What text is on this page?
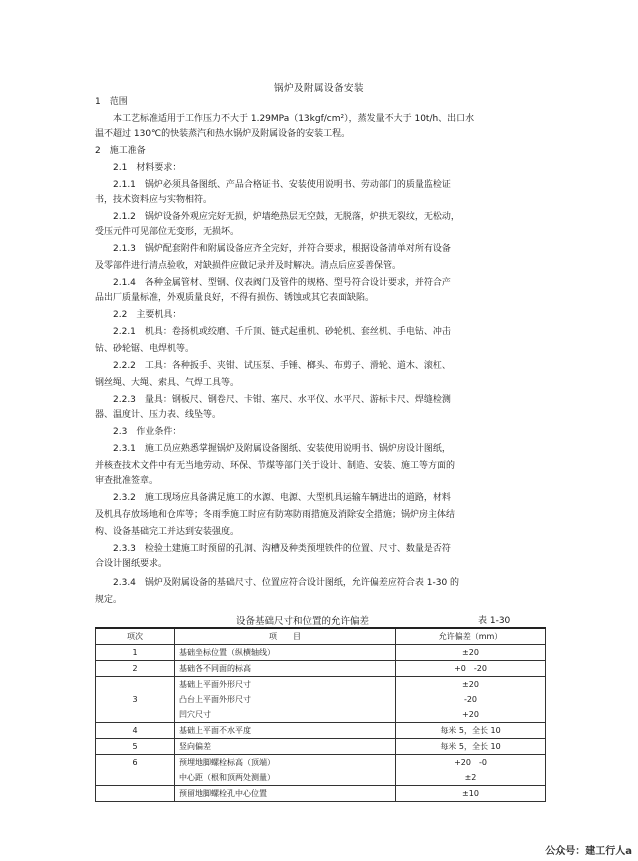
锅炉及附属设备安装
1　范围
　　本工艺标准适用于工作压力不大于 1.29MPa（13kgf/cm²），蒸发量不大于 10t/h、出口水
温不超过 130℃的快装蒸汽和热水锅炉及附属设备的安装工程。
2　施工准备
　　2.1　材料要求：
　　2.1.1　锅炉必须具备图纸、产品合格证书、安装使用说明书、劳动部门的质量监检证
书，技术资料应与实物相符。
　　2.1.2　锅炉设备外观应完好无损，炉墙绝热层无空鼓，无脱落，炉拱无裂纹，无松动，
受压元件可见部位无变形，无损坏。
　　2.1.3　锅炉配套附件和附属设备应齐全完好，并符合要求，根据设备清单对所有设备
及零部件进行清点验收，对缺损件应做记录并及时解决。清点后应妥善保管。
　　2.1.4　各种金属管材、型钢、仪表阀门及管件的规格、型号符合设计要求，并符合产
品出厂质量标准，外观质量良好，不得有损伤、锈蚀或其它表面缺陷。
　　2.2　主要机具：
　　2.2.1　机具：卷扬机或绞磨、千斤顶、链式起重机、砂轮机、套丝机、手电钻、冲击
钻、砂轮锯、电焊机等。
　　2.2.2　工具：各种扳手、夹钳、试压泵、手锤、榔头、布剪子、滑轮、道木、滚杠、
钢丝绳、大绳、索具、气焊工具等。
　　2.2.3　量具：钢板尺、钢卷尺、卡钳、塞尺、水平仪、水平尺、游标卡尺、焊缝检测
器、温度计、压力表、线坠等。
　　2.3　作业条件：
　　2.3.1　施工员应熟悉掌握锅炉及附属设备图纸、安装使用说明书、锅炉房设计图纸，
并核查技术文件中有无当地劳动、环保、节煤等部门关于设计、制造、安装、施工等方面的
审查批准签章。
　　2.3.2　施工现场应具备满足施工的水源、电源、大型机具运输车辆进出的道路，材料
及机具存放场地和仓库等；冬雨季施工时应有防寒防雨措施及消除安全措施；锅炉房主体结
构、设备基础完工并达到安装强度。
　　2.3.3　检验土建施工时预留的孔洞、沟槽及种类预埋铁件的位置、尺寸、数量是否符
合设计图纸要求。
　　2.3.4　锅炉及附属设备的基础尺寸、位置应符合设计图纸，允许偏差应符合表 1-30 的
规定。
设备基础尺寸和位置的允许偏差	表 1-30
项次	项　　目	允许偏差（mm）
1	基础坐标位置（纵横轴线）	±20
2	基础各不同面的标高	+0　-20
3	基础上平面外形尺寸	±20
	凸台上平面外形尺寸	-20
	凹穴尺寸	+20
4	基础上平面不水平度	每米 5，全长 10
5	竖向偏差	每米 5，全长 10
6	预埋地脚螺栓标高（顶端）	+20　-0
	中心距（根和顶两处测量）	±2
	预留地脚螺栓孔中心位置	±10
公众号：建工行人a
